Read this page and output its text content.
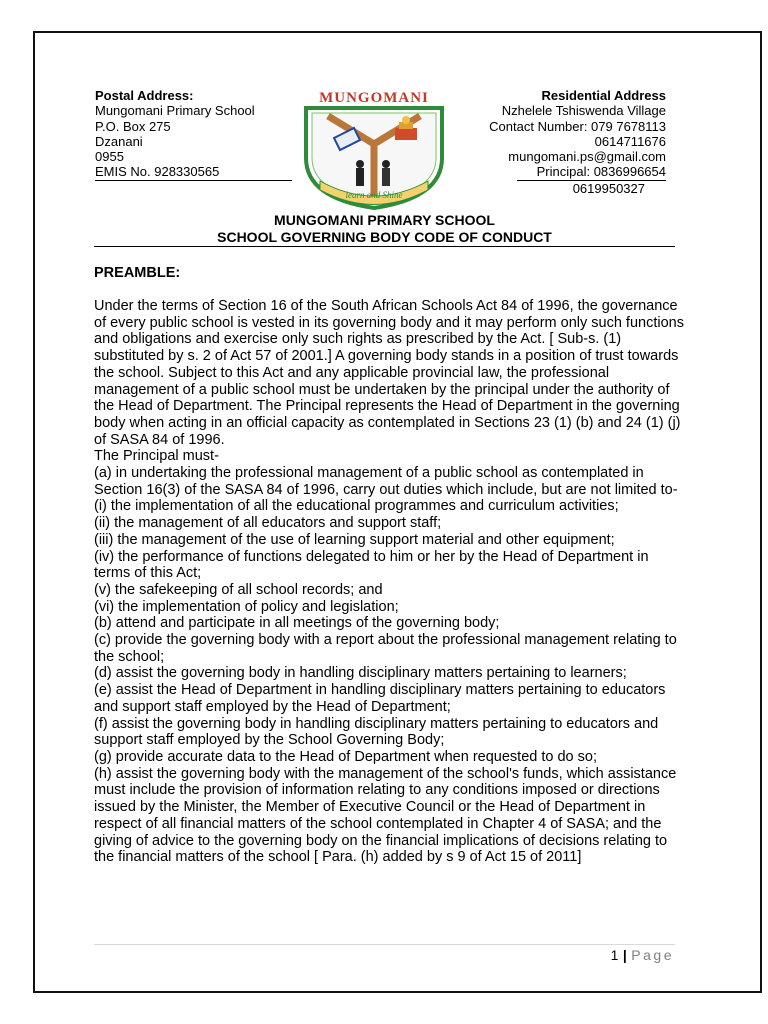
Postal Address:
Mungomani Primary School
P.O. Box 275
Dzanani
0955
EMIS No. 928330565
MUNGOMANI
learn and Shine
Residential Address
Nzhelele Tshiswenda Village
Contact Number: 079 7678113
0614711676
mungomani.ps@gmail.com
Principal: 0836996654
0619950327
MUNGOMANI PRIMARY SCHOOL
SCHOOL GOVERNING BODY CODE OF CONDUCT
PREAMBLE:

Under the terms of Section 16 of the South African Schools Act 84 of 1996, the governance of every public school is vested in its governing body and it may perform only such functions and obligations and exercise only such rights as prescribed by the Act. [ Sub-s. (1) substituted by s. 2 of Act 57 of 2001.] A governing body stands in a position of trust towards the school. Subject to this Act and any applicable provincial law, the professional management of a public school must be undertaken by the principal under the authority of the Head of Department. The Principal represents the Head of Department in the governing body when acting in an official capacity as contemplated in Sections 23 (1) (b) and 24 (1) (j) of SASA 84 of 1996.

The Principal must-

(a) in undertaking the professional management of a public school as contemplated in Section 16(3) of the SASA 84 of 1996, carry out duties which include, but are not limited to-

(i) the implementation of all the educational programmes and curriculum activities;

(ii) the management of all educators and support staff;

(iii) the management of the use of learning support material and other equipment;

(iv) the performance of functions delegated to him or her by the Head of Department in terms of this Act;

(v) the safekeeping of all school records; and

(vi) the implementation of policy and legislation;

(b) attend and participate in all meetings of the governing body;

(c) provide the governing body with a report about the professional management relating to the school;

(d) assist the governing body in handling disciplinary matters pertaining to learners;

(e) assist the Head of Department in handling disciplinary matters pertaining to educators and support staff employed by the Head of Department;

(f) assist the governing body in handling disciplinary matters pertaining to educators and support staff employed by the School Governing Body;

(g) provide accurate data to the Head of Department when requested to do so;

(h) assist the governing body with the management of the school's funds, which assistance must include the provision of information relating to any conditions imposed or directions issued by the Minister, the Member of Executive Council or the Head of Department in respect of all financial matters of the school contemplated in Chapter 4 of SASA; and the giving of advice to the governing body on the financial implications of decisions relating to the financial matters of the school [ Para. (h) added by s 9 of Act 15 of 2011]

1 | Page
